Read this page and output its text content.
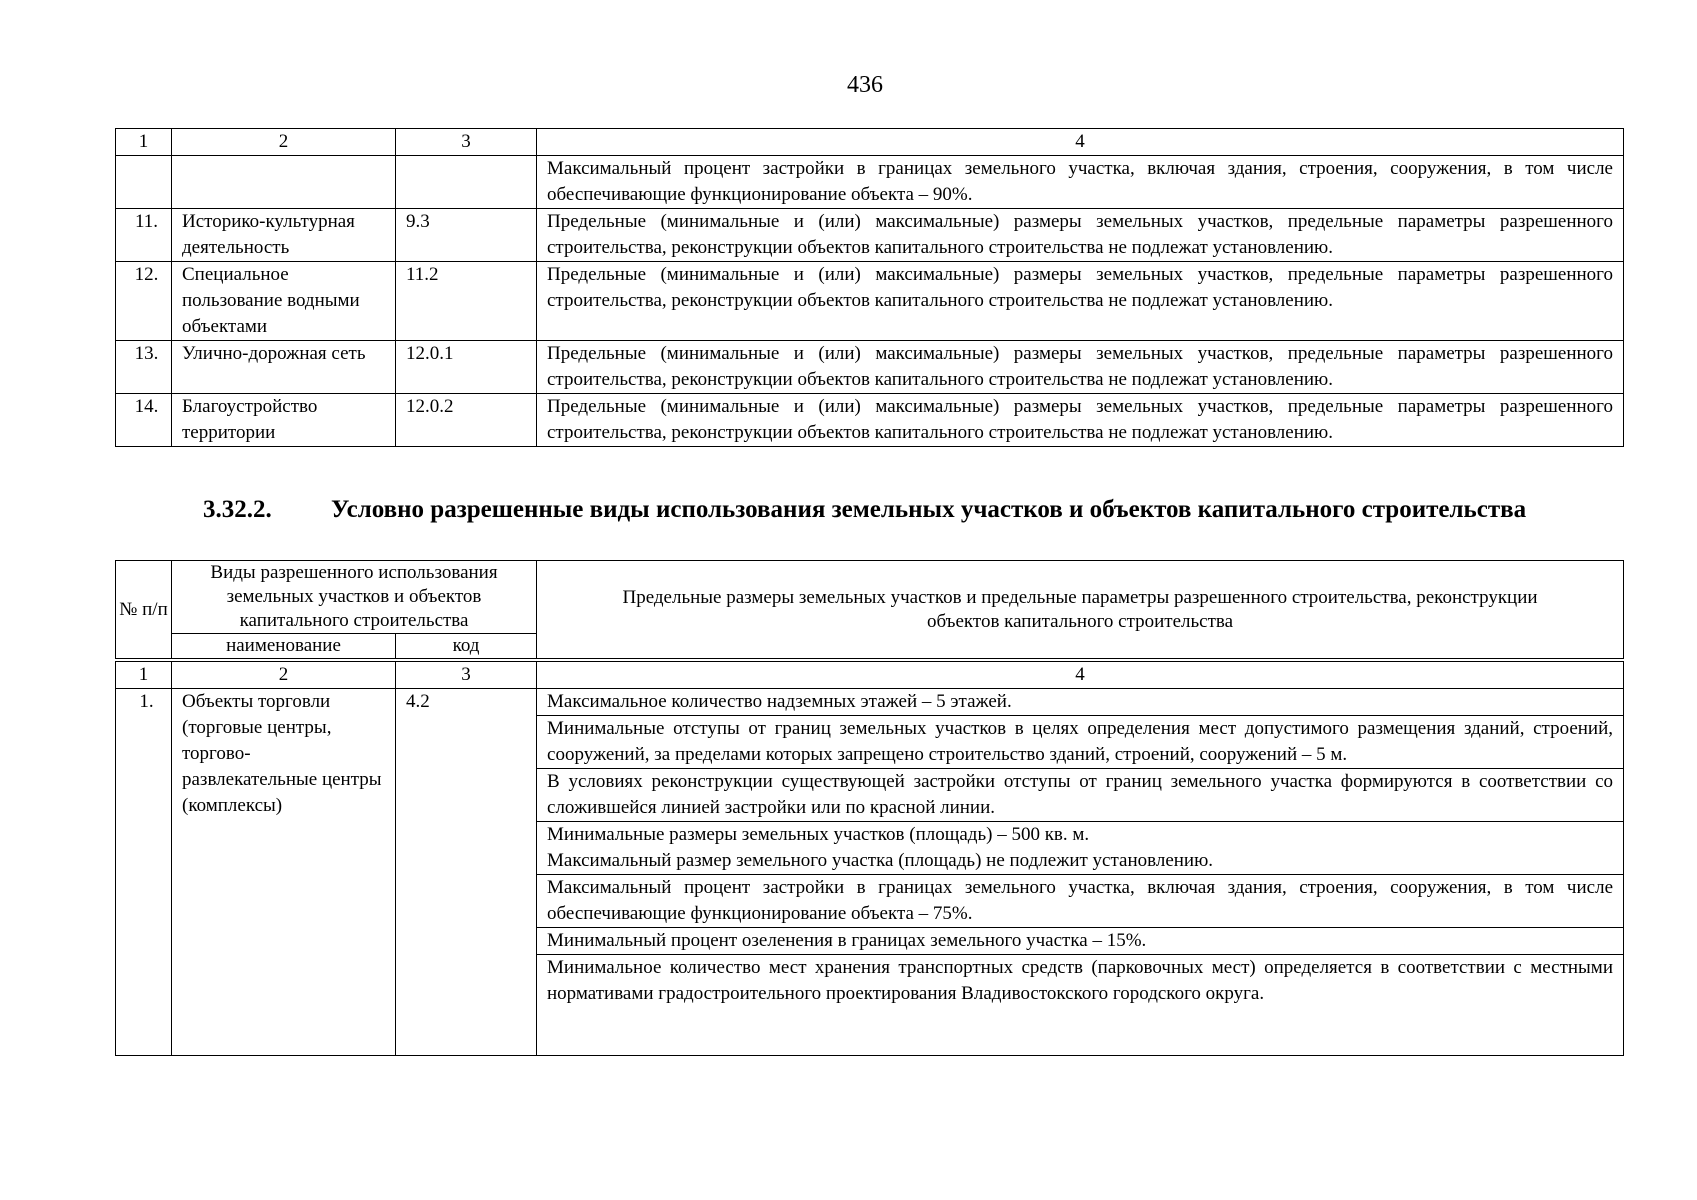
436
1	2	3	4
			Максимальный процент застройки в границах земельного участка, включая здания, строения, сооружения, в том числе обеспечивающие функционирование объекта – 90%.
11.	Историко-культурная деятельность	9.3	Предельные (минимальные и (или) максимальные) размеры земельных участков, предельные параметры разрешенного строительства, реконструкции объектов капитального строительства не подлежат установлению.
12.	Специальное пользование водными объектами	11.2	Предельные (минимальные и (или) максимальные) размеры земельных участков, предельные параметры разрешенного строительства, реконструкции объектов капитального строительства не подлежат установлению.
13.	Улично-дорожная сеть	12.0.1	Предельные (минимальные и (или) максимальные) размеры земельных участков, предельные параметры разрешенного строительства, реконструкции объектов капитального строительства не подлежат установлению.
14.	Благоустройство территории	12.0.2	Предельные (минимальные и (или) максимальные) размеры земельных участков, предельные параметры разрешенного строительства, реконструкции объектов капитального строительства не подлежат установлению.
3.32.2. Условно разрешенные виды использования земельных участков и объектов капитального строительства
№ п/п	Виды разрешенного использования земельных участков и объектов капитального строительства		Предельные размеры земельных участков и предельные параметры разрешенного строительства, реконструкции объектов капитального строительства
	наименование	код	
1	2	3	4
1.	Объекты торговли (торговые центры, торгово-развлекательные центры (комплексы)	4.2	Максимальное количество надземных этажей – 5 этажей.
			Минимальные отступы от границ земельных участков в целях определения мест допустимого размещения зданий, строений, сооружений, за пределами которых запрещено строительство зданий, строений, сооружений – 5 м.
			В условиях реконструкции существующей застройки отступы от границ земельного участка формируются в соответствии со сложившейся линией застройки или по красной линии.

			Минимальные размеры земельных участков (площадь) – 500 кв. м.
Максимальный размер земельного участка (площадь) не подлежит установлению.

			Максимальный процент застройки в границах земельного участка, включая здания, строения, сооружения, в том числе обеспечивающие функционирование объекта – 75%.
			Минимальный процент озеленения в границах земельного участка – 15%.
			Минимальное количество мест хранения транспортных средств (парковочных мест) определяется в соответствии с местными нормативами градостроительного проектирования Владивостокского городского округа.
